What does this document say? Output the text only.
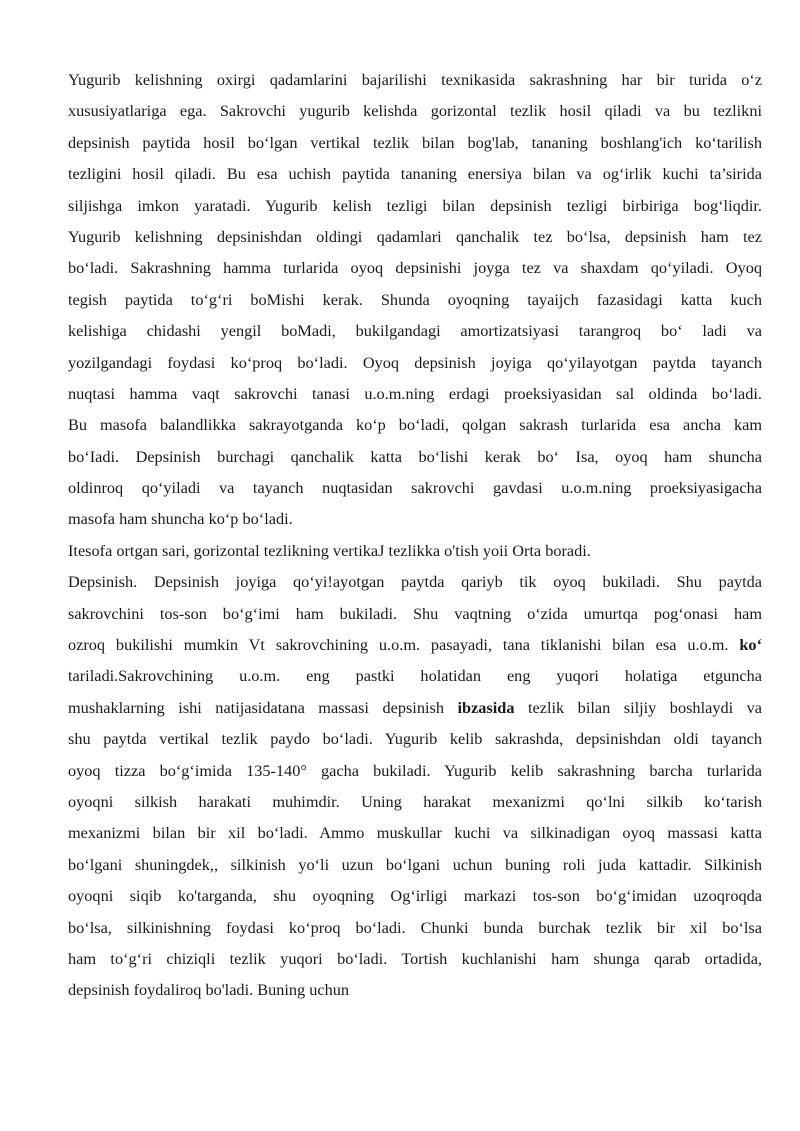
Yugurib kelishning oxirgi qadamlarini bajarilishi texnikasida sakrashning har bir turida o‘z
xususiyatlariga ega. Sakrovchi yugurib kelishda gorizontal tezlik hosil qiladi va bu tezlikni
depsinish paytida hosil bo‘lgan vertikal tezlik bilan bog'lab, tananing boshlang'ich ko‘tarilish
tezligini hosil qiladi. Bu esa uchish paytida tananing enersiya bilan va og‘irlik kuchi ta’sirida
siljishga imkon yaratadi. Yugurib kelish tezligi bilan depsinish tezligi birbiriga bog‘liqdir.
Yugurib kelishning depsinishdan oldingi qadamlari qanchalik tez bo‘lsa, depsinish ham tez
bo‘ladi. Sakrashning hamma turlarida oyoq depsinishi joyga tez va shaxdam qo‘yiladi. Oyoq
tegish paytida to‘g‘ri boMishi kerak. Shunda oyoqning tayaijch fazasidagi katta kuch
kelishiga chidashi yengil boMadi, bukilgandagi amortizatsiyasi tarangroq bo‘ ladi va
yozilgandagi foydasi ko‘proq bo‘ladi. Oyoq depsinish joyiga qo‘yilayotgan paytda tayanch
nuqtasi hamma vaqt sakrovchi tanasi u.o.m.ning erdagi proeksiyasidan sal oldinda bo‘ladi.
Bu masofa balandlikka sakrayotganda ko‘p bo‘ladi, qolgan sakrash turlarida esa ancha kam
bo‘Iadi. Depsinish burchagi qanchalik katta bo‘lishi kerak bo‘ Isa, oyoq ham shuncha
oldinroq qo‘yiladi va tayanch nuqtasidan sakrovchi gavdasi u.o.m.ning proeksiyasigacha
masofa ham shuncha ko‘p bo‘ladi.
Itesofa ortgan sari, gorizontal tezlikning vertikaJ tezlikka o'tish yoii Orta boradi.
Depsinish. Depsinish joyiga qo‘yi!ayotgan paytda qariyb tik oyoq bukiladi. Shu paytda
sakrovchini tos-son bo‘g‘imi ham bukiladi. Shu vaqtning o‘zida umurtqa pog‘onasi ham
ozroq bukilishi mumkin Vt sakrovchining u.o.m. pasayadi, tana tiklanishi bilan esa u.o.m. ko‘
tariladi.Sakrovchining u.o.m. eng pastki holatidan eng yuqori holatiga etguncha
mushaklarning ishi natijasidatana massasi depsinish ibzasida tezlik bilan siljiy boshlaydi va
shu paytda vertikal tezlik paydo bo‘ladi. Yugurib kelib sakrashda, depsinishdan oldi tayanch
oyoq tizza bo‘g‘imida 135-140° gacha bukiladi. Yugurib kelib sakrashning barcha turlarida
oyoqni silkish harakati muhimdir. Uning harakat mexanizmi qo‘lni silkib ko‘tarish
mexanizmi bilan bir xil bo‘ladi. Ammo muskullar kuchi va silkinadigan oyoq massasi katta
bo‘lgani shuningdek,, silkinish yo‘li uzun bo‘lgani uchun buning roli juda kattadir. Silkinish
oyoqni siqib ko'targanda, shu oyoqning Og‘irligi markazi tos-son bo‘g‘imidan uzoqroqda
bo‘lsa, silkinishning foydasi ko‘proq bo‘ladi. Chunki bunda burchak tezlik bir xil bo‘lsa
ham to‘g‘ri chiziqli tezlik yuqori bo‘ladi. Tortish kuchlanishi ham shunga qarab ortadida,
depsinish foydaliroq bo'ladi. Buning uchun
